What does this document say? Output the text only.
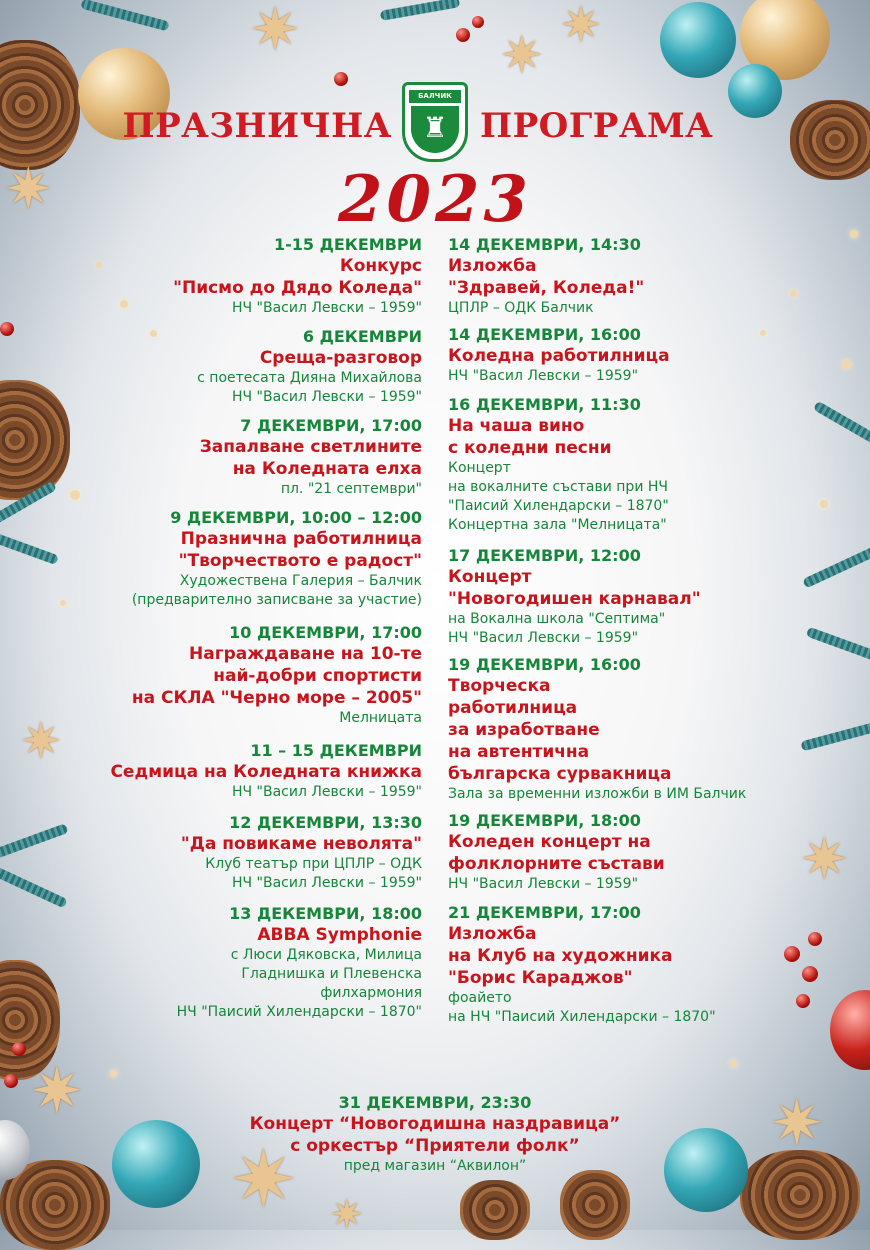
✷
✷
✷	✷
✷
✷
✷	✷
✷ ✷
ПРАЗНИЧНА
БАЛЧИК
♜ ПРОГРАМА
2023
1-15 ДЕКЕМВРИ
Конкурс
"Писмо до Дядо Коледа"
НЧ "Васил Левски – 1959"
6 ДЕКЕМВРИ
Среща-разговор
с поетесата Дияна Михайлова
НЧ "Васил Левски – 1959"
7 ДЕКЕМВРИ, 17:00
Запалване светлините
на Коледната елха
пл. "21 септември"
9 ДЕКЕМВРИ, 10:00 – 12:00
Празнична работилница
"Творчеството е радост"
Художествена Галерия – Балчик
(предварително записване за участие)
10 ДЕКЕМВРИ, 17:00
Награждаване на 10-те
най-добри спортисти
на СКЛА "Черно море – 2005"
Мелницата
11 – 15 ДЕКЕМВРИ
Седмица на Коледната книжка
НЧ "Васил Левски – 1959"
12 ДЕКЕМВРИ, 13:30
"Да повикаме неволята"
Клуб театър при ЦПЛР – ОДК
НЧ "Васил Левски – 1959"
13 ДЕКЕМВРИ, 18:00
ABBA Symphonie
с Люси Дяковска, Милица
Гладнишка и Плевенска
филхармония
НЧ "Паисий Хилендарски – 1870"
14 ДЕКЕМВРИ, 14:30
Изложба
"Здравей, Коледа!"
ЦПЛР – ОДК Балчик
14 ДЕКЕМВРИ, 16:00
Коледна работилница
НЧ "Васил Левски – 1959"
16 ДЕКЕМВРИ, 11:30
На чаша вино
с коледни песни
Концерт
на вокалните състави при НЧ
"Паисий Хилендарски – 1870"
Концертна зала "Мелницата"
17 ДЕКЕМВРИ, 12:00
Концерт
"Новогодишен карнавал"
на Вокална школа "Септима"
НЧ "Васил Левски – 1959"
19 ДЕКЕМВРИ, 16:00
Творческа
работилница
за изработване
на автентична
българска сурвакница
Зала за временни изложби в ИМ Балчик
19 ДЕКЕМВРИ, 18:00
Коледен концерт на
фолклорните състави
НЧ "Васил Левски – 1959"
21 ДЕКЕМВРИ, 17:00
Изложба
на Клуб на художника
"Борис Караджов"
фоайето
на НЧ "Паисий Хилендарски – 1870"
31 ДЕКЕМВРИ, 23:30
Концерт “Новогодишна наздравица”
с оркестър “Приятели фолк”
пред магазин “Аквилон”
